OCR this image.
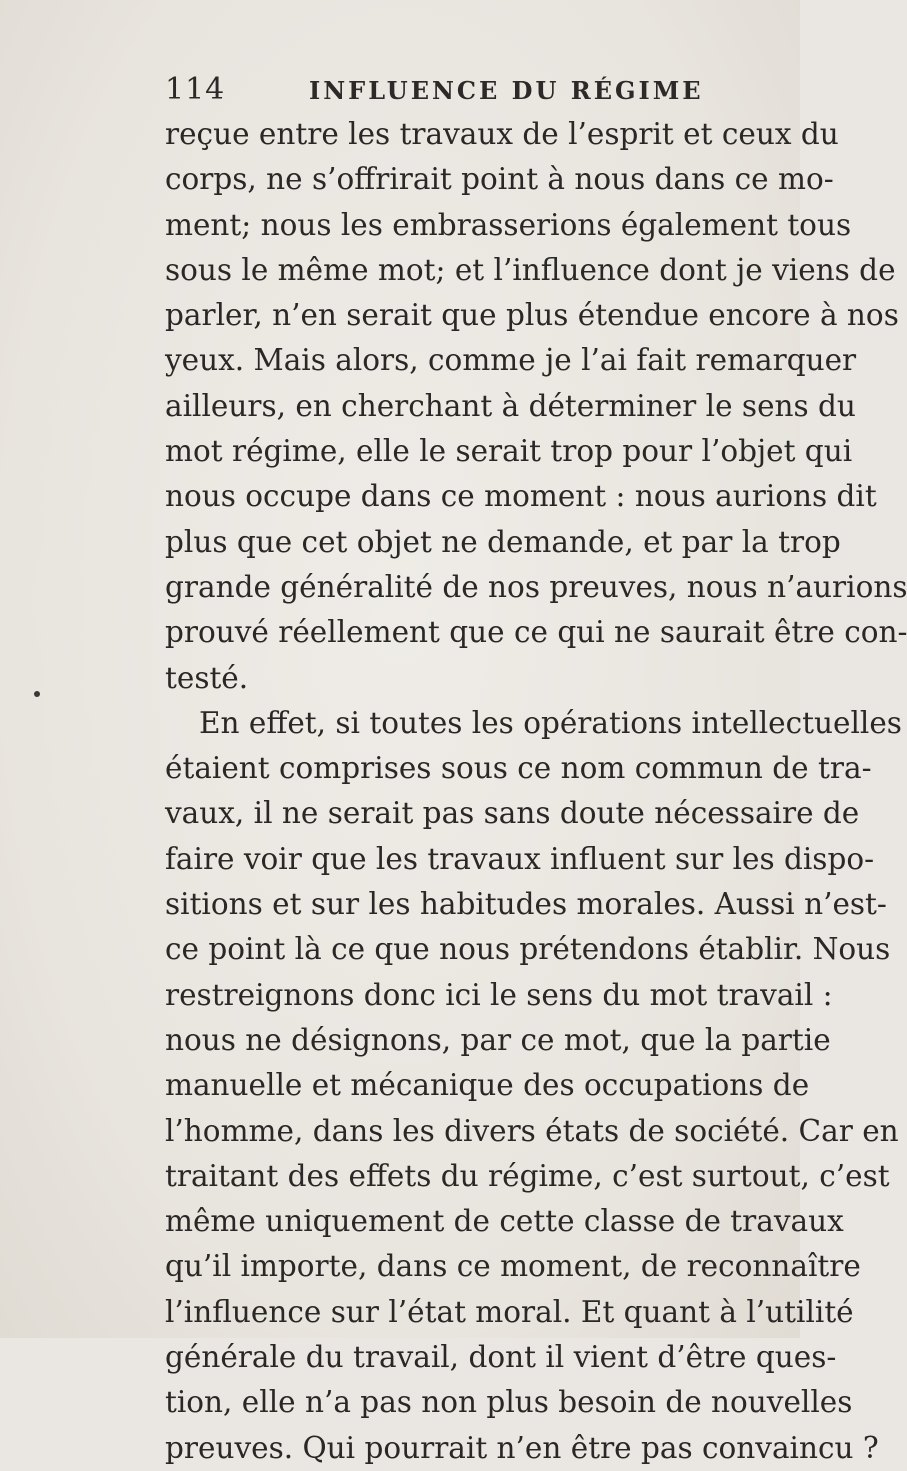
114	INFLUENCE DU RÉGIME
reçue entre les travaux de l’esprit et ceux du
corps, ne s’offrirait point à nous dans ce mo-
ment; nous les embrasserions également tous
sous le même mot; et l’influence dont je viens de
parler, n’en serait que plus étendue encore à nos
yeux. Mais alors, comme je l’ai fait remarquer
ailleurs, en cherchant à déterminer le sens du
mot régime, elle le serait trop pour l’objet qui
nous occupe dans ce moment : nous aurions dit
plus que cet objet ne demande, et par la trop
grande généralité de nos preuves, nous n’aurions
prouvé réellement que ce qui ne saurait être con-
testé.
En effet, si toutes les opérations intellectuelles
étaient comprises sous ce nom commun de tra-
vaux, il ne serait pas sans doute nécessaire de
faire voir que les travaux influent sur les dispo-
sitions et sur les habitudes morales. Aussi n’est-
ce point là ce que nous prétendons établir. Nous
restreignons donc ici le sens du mot travail :
nous ne désignons, par ce mot, que la partie
manuelle et mécanique des occupations de
l’homme, dans les divers états de société. Car en
traitant des effets du régime, c’est surtout, c’est
même uniquement de cette classe de travaux
qu’il importe, dans ce moment, de reconnaître
l’influence sur l’état moral. Et quant à l’utilité
générale du travail, dont il vient d’être ques-
tion, elle n’a pas non plus besoin de nouvelles
preuves. Qui pourrait n’en être pas convaincu ?
